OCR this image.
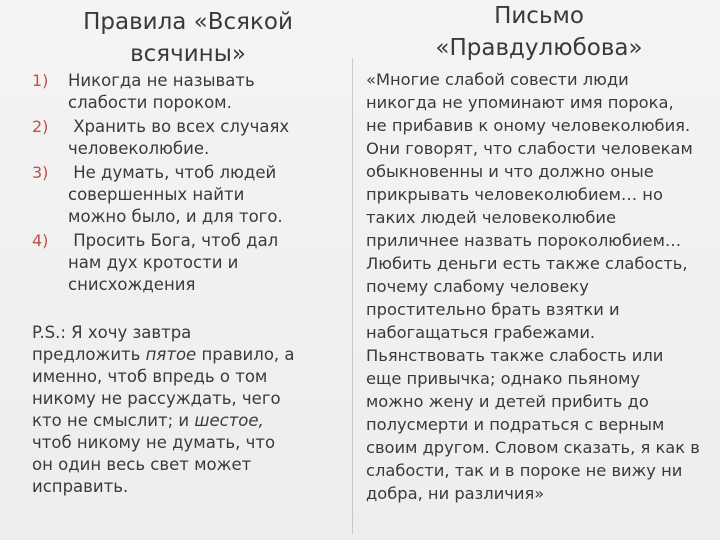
Правила «Всякой
всячины»
1) Никогда не называть
слабости пороком.
2) Хранить во всех случаях
человеколюбие.
3) Не думать, чтоб людей
совершенных найти
можно было, и для того.
4) Просить Бога, чтоб дал
нам дух кротости и
снисхождения
P.S.: Я хочу завтра
предложить пятое правило, а
именно, чтоб впредь о том
никому не рассуждать, чего
кто не смыслит; и шестое,
чтоб никому не думать, что
он один весь свет может
исправить.
Письмо
«Правдулюбова»
«Многие слабой совести люди
никогда не упоминают имя порока,
не прибавив к оному человеколюбия.
Они говорят, что слабости человекам
обыкновенны и что должно оные
прикрывать человеколюбием… но
таких людей человеколюбие
приличнее назвать пороколюбием…
Любить деньги есть также слабость,
почему слабому человеку
простительно брать взятки и
набогащаться грабежами.
Пьянствовать также слабость или
еще привычка; однако пьяному
можно жену и детей прибить до
полусмерти и подраться с верным
своим другом. Словом сказать, я как в
слабости, так и в пороке не вижу ни
добра, ни различия»
